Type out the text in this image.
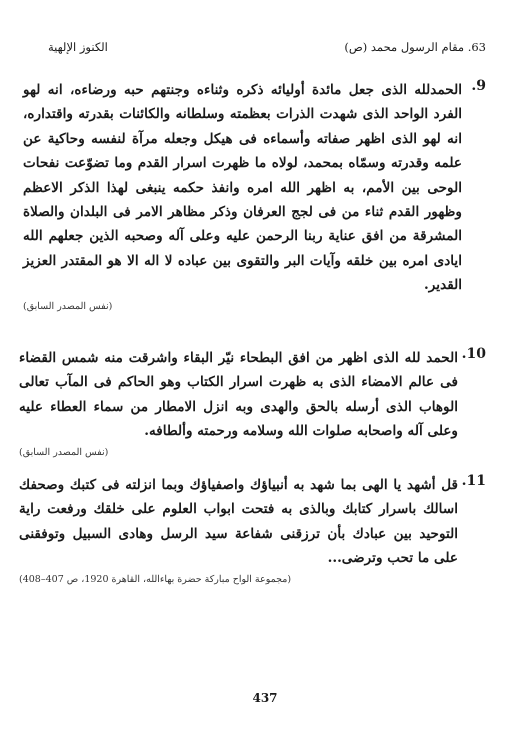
63. مقام الرسول محمد (ص)
الكنوز الإلهية
.9
الحمدلله الذى جعل مائدة أوليائه ذكره وثناءه وجنتهم حبه ورضاءه، انه لهو الفرد الواحد الذى شهدت الذرات بعظمته وسلطانه والكائنات بقدرته واقتداره، انه لهو الذى اظهر صفاته وأسماءه فى هيكل وجعله مرآة لنفسه وحاكية عن علمه وقدرته وسمّاه بمحمد، لولاه ما ظهرت اسرار القدم وما تضوّعت نفحات الوحى بين الأمم، به اظهر الله امره وانفذ حكمه ينبغى لهذا الذكر الاعظم وظهور القدم ثناء من فى لجج العرفان وذكر مظاهر الامر فى البلدان والصلاة المشرقة من افق عناية ربنا الرحمن عليه وعلى آله وصحبه الذين جعلهم الله ايادى امره بين خلقه وآيات البر والتقوى بين عباده لا اله الا هو المقتدر العزيز القدير.
(نفس المصدر السابق)
.10
الحمد لله الذى اظهر من افق البطحاء نيّر البقاء واشرقت منه شمس القضاء فى عالم الامضاء الذى به ظهرت اسرار الكتاب وهو الحاكم فى المآب تعالى الوهاب الذى أرسله بالحق والهدى وبه انزل الامطار من سماء العطاء عليه وعلى آله واصحابه صلوات الله وسلامه ورحمته وألطافه.
(نفس المصدر السابق)
.11
قل أشهد يا الهى بما شهد به أنبياؤك واصفياؤك وبما انزلته فى كتبك وصحفك اسالك باسرار كتابك وبالذى به فتحت ابواب العلوم على خلقك ورفعت راية التوحيد بين عبادك بأن ترزقنى شفاعة سيد الرسل وهادى السبيل وتوفقنى على ما تحب وترضى...
(مجموعة الواح مباركة حضرة بهاءالله، القاهرة 1920، ص 407–408)
437
